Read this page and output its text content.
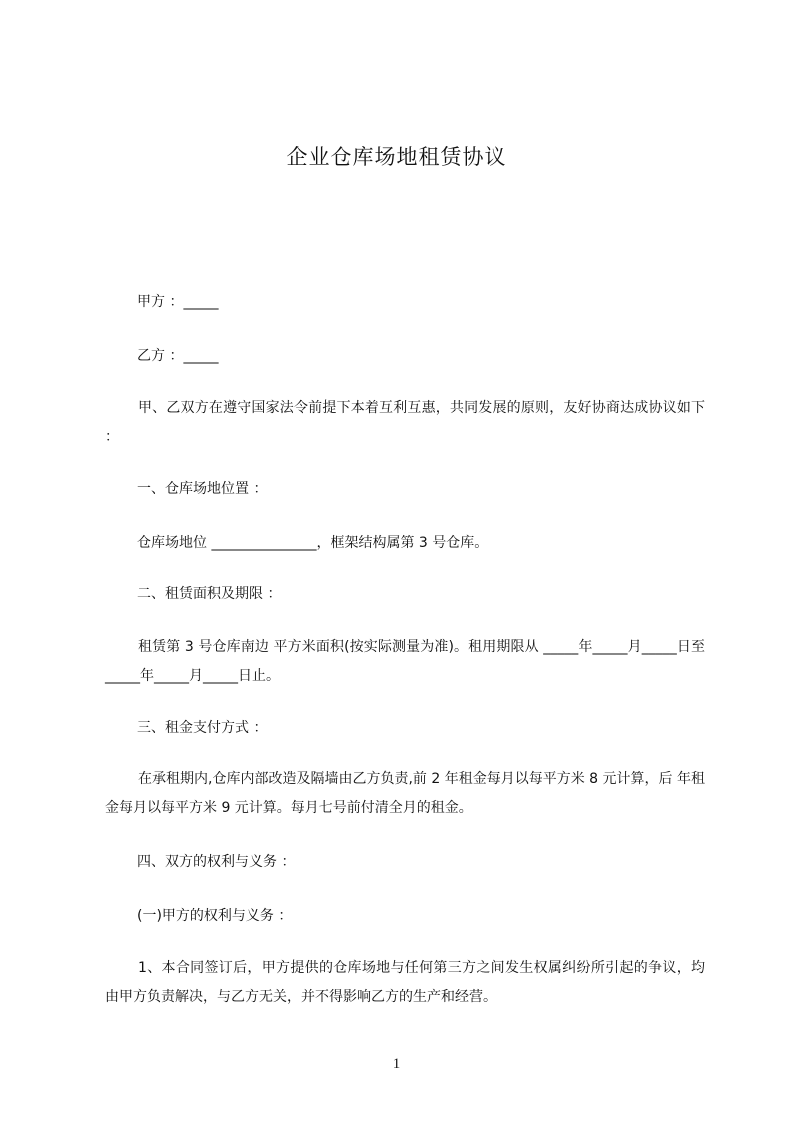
企业仓库场地租赁协议
甲方 ：_____
乙方 ：_____
甲、乙双方在遵守国家法令前提下本着互利互惠，共同发展的原则，友好协商达成协议如下 ：
一、仓库场地位置 ：
仓库场地位 _______________，框架结构属第 3 号仓库。
二、租赁面积及期限 ：
租赁第 3 号仓库南边 平方米面积(按实际测量为准)。租用期限从 _____年_____月_____日至 _____年_____月_____日止。
三、租金支付方式 ：
在承租期内,仓库内部改造及隔墙由乙方负责,前 2 年租金每月以每平方米 8 元计算，后 年租金每月以每平方米 9 元计算。每月七号前付清全月的租金。
四、双方的权利与义务 ：
(一)甲方的权利与义务 ：
1、本合同签订后，甲方提供的仓库场地与任何第三方之间发生权属纠纷所引起的争议，均由甲方负责解决，与乙方无关，并不得影响乙方的生产和经营。
1
